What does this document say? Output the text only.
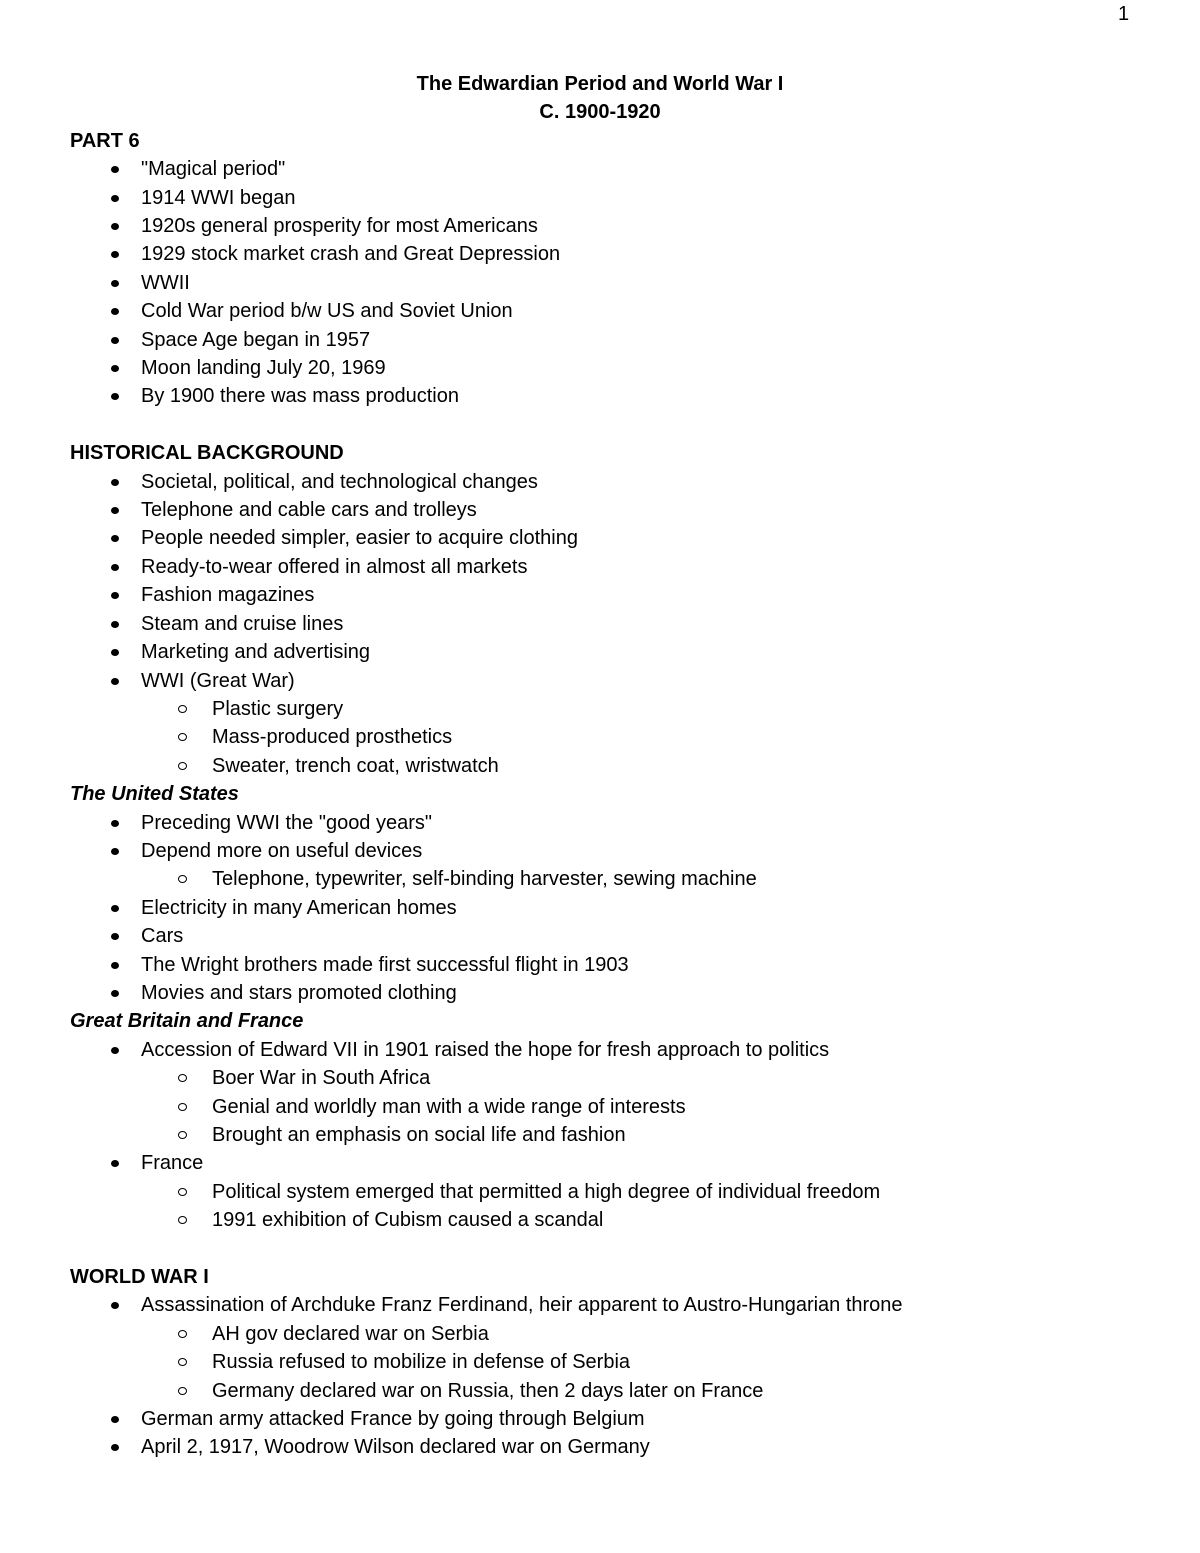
1
The Edwardian Period and World War I
C. 1900-1920
PART 6
"Magical period"
1914 WWI began
1920s general prosperity for most Americans
1929 stock market crash and Great Depression
WWII
Cold War period b/w US and Soviet Union
Space Age began in 1957
Moon landing July 20, 1969
By 1900 there was mass production
HISTORICAL BACKGROUND
Societal, political, and technological changes
Telephone and cable cars and trolleys
People needed simpler, easier to acquire clothing
Ready-to-wear offered in almost all markets
Fashion magazines
Steam and cruise lines
Marketing and advertising
WWI (Great War)
Plastic surgery
Mass-produced prosthetics
Sweater, trench coat, wristwatch
The United States
Preceding WWI the "good years"
Depend more on useful devices
Telephone, typewriter, self-binding harvester, sewing machine
Electricity in many American homes
Cars
The Wright brothers made first successful flight in 1903
Movies and stars promoted clothing
Great Britain and France
Accession of Edward VII in 1901 raised the hope for fresh approach to politics
Boer War in South Africa
Genial and worldly man with a wide range of interests
Brought an emphasis on social life and fashion
France
Political system emerged that permitted a high degree of individual freedom
1991 exhibition of Cubism caused a scandal
WORLD WAR I
Assassination of Archduke Franz Ferdinand, heir apparent to Austro-Hungarian throne
AH gov declared war on Serbia
Russia refused to mobilize in defense of Serbia
Germany declared war on Russia, then 2 days later on France
German army attacked France by going through Belgium
April 2, 1917, Woodrow Wilson declared war on Germany
